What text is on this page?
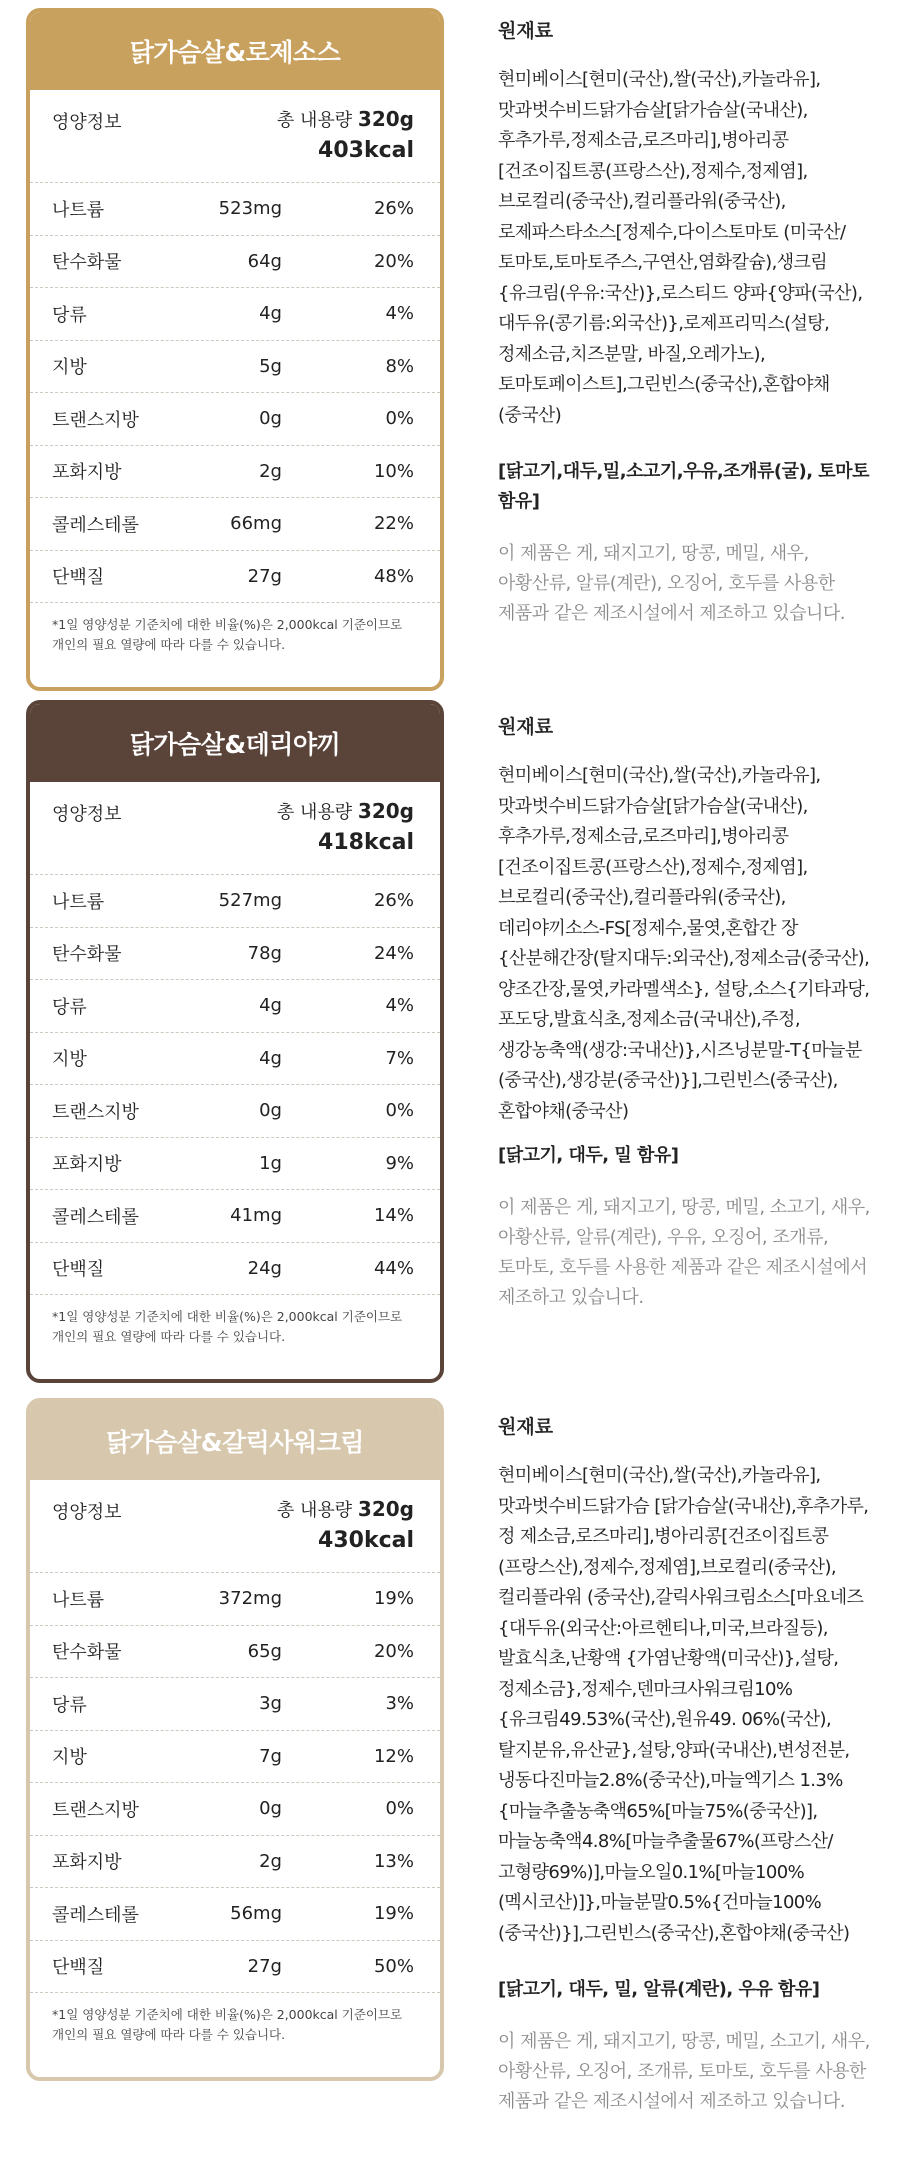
닭가슴살&로제소스
영양정보	총 내용량 320g
403kcal
나트륨	523mg	26%
탄수화물	64g	20%
당류	4g	4%
지방	5g	8%
트랜스지방	0g	0%
포화지방	2g	10%
콜레스테롤	66mg	22%
단백질	27g	48%
*1일 영양성분 기준치에 대한 비율(%)은 2,000kcal 기준이므로
개인의 필요 열량에 따라 다를 수 있습니다.
원재료
현미베이스[현미(국산),쌀(국산),카놀라유],맛과벗수비드닭가슴살[닭가슴살(국내산),후추가루,정제소금,로즈마리],병아리콩[건조이집트콩(프랑스산),정제수,정제염],브로컬리(중국산),컬리플라워(중국산),로제파스타소스[정제수,다이스토마토 (미국산/토마토,토마토주스,구연산,염화칼슘),생크림{유크림(우유:국산)},로스티드 양파{양파(국산),대두유(콩기름:외국산)},로제프리믹스(설탕,정제소금,치즈분말, 바질,오레가노),토마토페이스트],그린빈스(중국산),혼합야채(중국산)
[닭고기,대두,밀,소고기,우유,조개류(굴), 토마토 함유]
이 제품은 게, 돼지고기, 땅콩, 메밀, 새우, 아황산류, 알류(계란), 오징어, 호두를 사용한 제품과 같은 제조시설에서 제조하고 있습니다.
닭가슴살&데리야끼
영양정보	총 내용량 320g
418kcal
나트륨	527mg	26%
탄수화물	78g	24%
당류	4g	4%
지방	4g	7%
트랜스지방	0g	0%
포화지방	1g	9%
콜레스테롤	41mg	14%
단백질	24g	44%
*1일 영양성분 기준치에 대한 비율(%)은 2,000kcal 기준이므로
개인의 필요 열량에 따라 다를 수 있습니다.
원재료
현미베이스[현미(국산),쌀(국산),카놀라유],맛과벗수비드닭가슴살[닭가슴살(국내산),후추가루,정제소금,로즈마리],병아리콩[건조이집트콩(프랑스산),정제수,정제염],브로컬리(중국산),컬리플라워(중국산),데리야끼소스-FS[정제수,물엿,혼합간 장{산분해간장(탈지대두:외국산),정제소금(중국산),양조간장,물엿,카라멜색소}, 설탕,소스{기타과당,포도당,발효식초,정제소금(국내산),주정,생강농축액(생강:국내산)},시즈닝분말-T{마늘분(중국산),생강분(중국산)}],그린빈스(중국산), 혼합야채(중국산)
[닭고기, 대두, 밀 함유]
이 제품은 게, 돼지고기, 땅콩, 메밀, 소고기, 새우, 아황산류, 알류(계란), 우유, 오징어, 조개류, 토마토, 호두를 사용한 제품과 같은 제조시설에서 제조하고 있습니다.
닭가슴살&갈릭사워크림
영양정보	총 내용량 320g
430kcal
나트륨	372mg	19%
탄수화물	65g	20%
당류	3g	3%
지방	7g	12%
트랜스지방	0g	0%
포화지방	2g	13%
콜레스테롤	56mg	19%
단백질	27g	50%
*1일 영양성분 기준치에 대한 비율(%)은 2,000kcal 기준이므로
개인의 필요 열량에 따라 다를 수 있습니다.
원재료
현미베이스[현미(국산),쌀(국산),카놀라유],맛과벗수비드닭가슴 [닭가슴살(국내산),후추가루,정 제소금,로즈마리],병아리콩[건조이집트콩(프랑스산),정제수,정제염],브로컬리(중국산),컬리플라워 (중국산),갈릭사워크림소스[마요네즈{대두유(외국산:아르헨티나,미국,브라질등),발효식초,난황액 {가염난황액(미국산)},설탕,정제소금},정제수,덴마크사워크림10%{유크림49.53%(국산),원유49. 06%(국산),탈지분유,유산균},설탕,양파(국내산),변성전분,냉동다진마늘2.8%(중국산),마늘엑기스 1.3%{마늘추출농축액65%[마늘75%(중국산)],마늘농축액4.8%[마늘추출물67%(프랑스산/고형량69%)],마늘오일0.1%[마늘100%(멕시코산)]},마늘분말0.5%{건마늘100%(중국산)}],그린빈스(중국산),혼합야채(중국산)
[닭고기, 대두, 밀, 알류(계란), 우유 함유]
이 제품은 게, 돼지고기, 땅콩, 메밀, 소고기, 새우, 아황산류, 오징어, 조개류, 토마토, 호두를 사용한 제품과 같은 제조시설에서 제조하고 있습니다.
